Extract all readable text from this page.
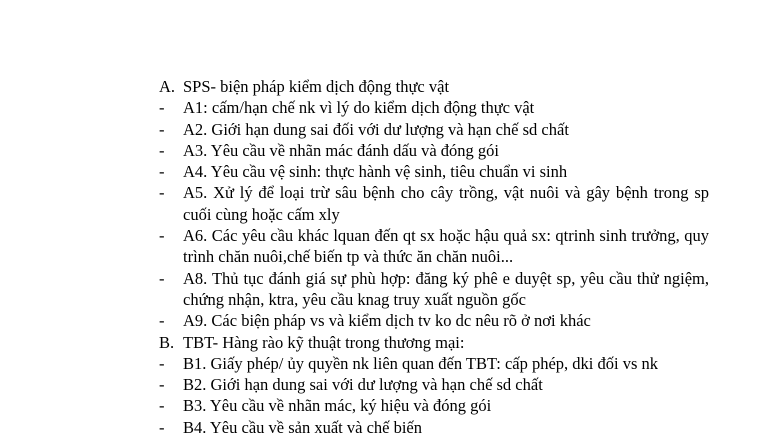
A. SPS- biện pháp kiểm dịch động thực vật
-	A1: cấm/hạn chế nk vì lý do kiểm dịch động thực vật
-	A2. Giới hạn dung sai đối với dư lượng và hạn chế sd chất
-	A3. Yêu cầu về nhãn mác đánh dấu và đóng gói
-	A4. Yêu cầu vệ sinh: thực hành vệ sinh, tiêu chuẩn vi sinh
-	A5. Xử lý để loại trừ sâu bệnh cho cây trồng, vật nuôi và gây bệnh trong sp cuối cùng hoặc cấm xly
-	A6. Các yêu cầu khác lquan đến qt sx hoặc hậu quả sx: qtrinh sinh trưởng, quy trình chăn nuôi,chế biến tp và thức ăn chăn nuôi...
-	A8. Thủ tục đánh giá sự phù hợp: đăng ký phê e duyệt sp, yêu cầu thử ngiệm, chứng nhận, ktra, yêu cầu knag truy xuất nguồn gốc
-	A9. Các biện pháp vs và kiểm dịch tv ko dc nêu rõ ở nơi khác
B. TBT- Hàng rào kỹ thuật trong thương mại:
-	B1. Giấy phép/ ủy quyền nk liên quan đến TBT: cấp phép, dki đối vs nk
-	B2. Giới hạn dung sai với dư lượng và hạn chế sd chất
-	B3. Yêu cầu về nhãn mác, ký hiệu và đóng gói
-	B4. Yêu cầu về sản xuất và chế biến
